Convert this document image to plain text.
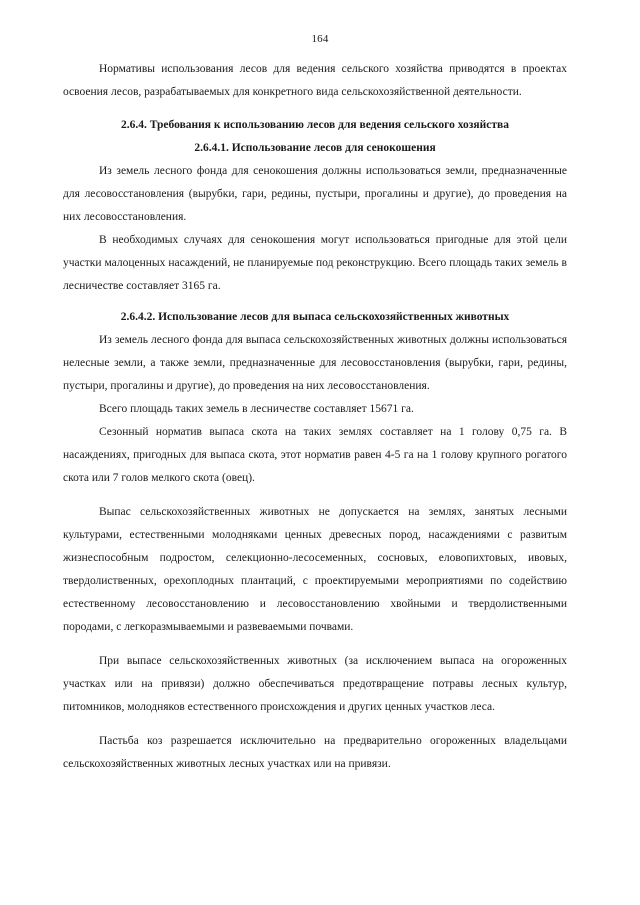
164

Нормативы использования лесов для ведения сельского хозяйства приводятся в проектах освоения лесов, разрабатываемых для конкретного вида сельскохозяйственной деятельности.

2.6.4. Требования к использованию лесов для ведения сельского хозяйства

2.6.4.1. Использование лесов для сенокошения

Из земель лесного фонда для сенокошения должны использоваться земли, предназначенные для лесовосстановления (вырубки, гари, редины, пустыри, прогалины и другие), до проведения на них лесовосстановления.

В необходимых случаях для сенокошения могут использоваться пригодные для этой цели участки малоценных насаждений, не планируемые под реконструкцию. Всего площадь таких земель в лесничестве составляет 3165 га.

2.6.4.2. Использование лесов для выпаса сельскохозяйственных животных

Из земель лесного фонда для выпаса сельскохозяйственных животных должны использоваться нелесные земли, а также земли, предназначенные для лесовосстановления (вырубки, гари, редины, пустыри, прогалины и другие), до проведения на них лесовосстановления.

Всего площадь таких земель в лесничестве составляет 15671 га.

Сезонный норматив выпаса скота на таких землях составляет на 1 голову 0,75 га. В насаждениях, пригодных для выпаса скота, этот норматив равен 4-5 га на 1 голову крупного рогатого скота или 7 голов мелкого скота (овец).

Выпас сельскохозяйственных животных не допускается на землях, занятых лесными культурами, естественными молодняками ценных древесных пород, насаждениями с развитым жизнеспособным подростом, селекционно-лесосеменных, сосновых, еловопихтовых, ивовых, твердолиственных, орехоплодных плантаций, с проектируемыми мероприятиями по содействию естественному лесовосстановлению и лесовосстановлению хвойными и твердолиственными породами, с легкоразмываемыми и развеваемыми почвами.

При выпасе сельскохозяйственных животных (за исключением выпаса на огороженных участках или на привязи) должно обеспечиваться предотвращение потравы лесных культур, питомников, молодняков естественного происхождения и других ценных участков леса.

Пастьба коз разрешается исключительно на предварительно огороженных владельцами сельскохозяйственных животных лесных участках или на привязи.
